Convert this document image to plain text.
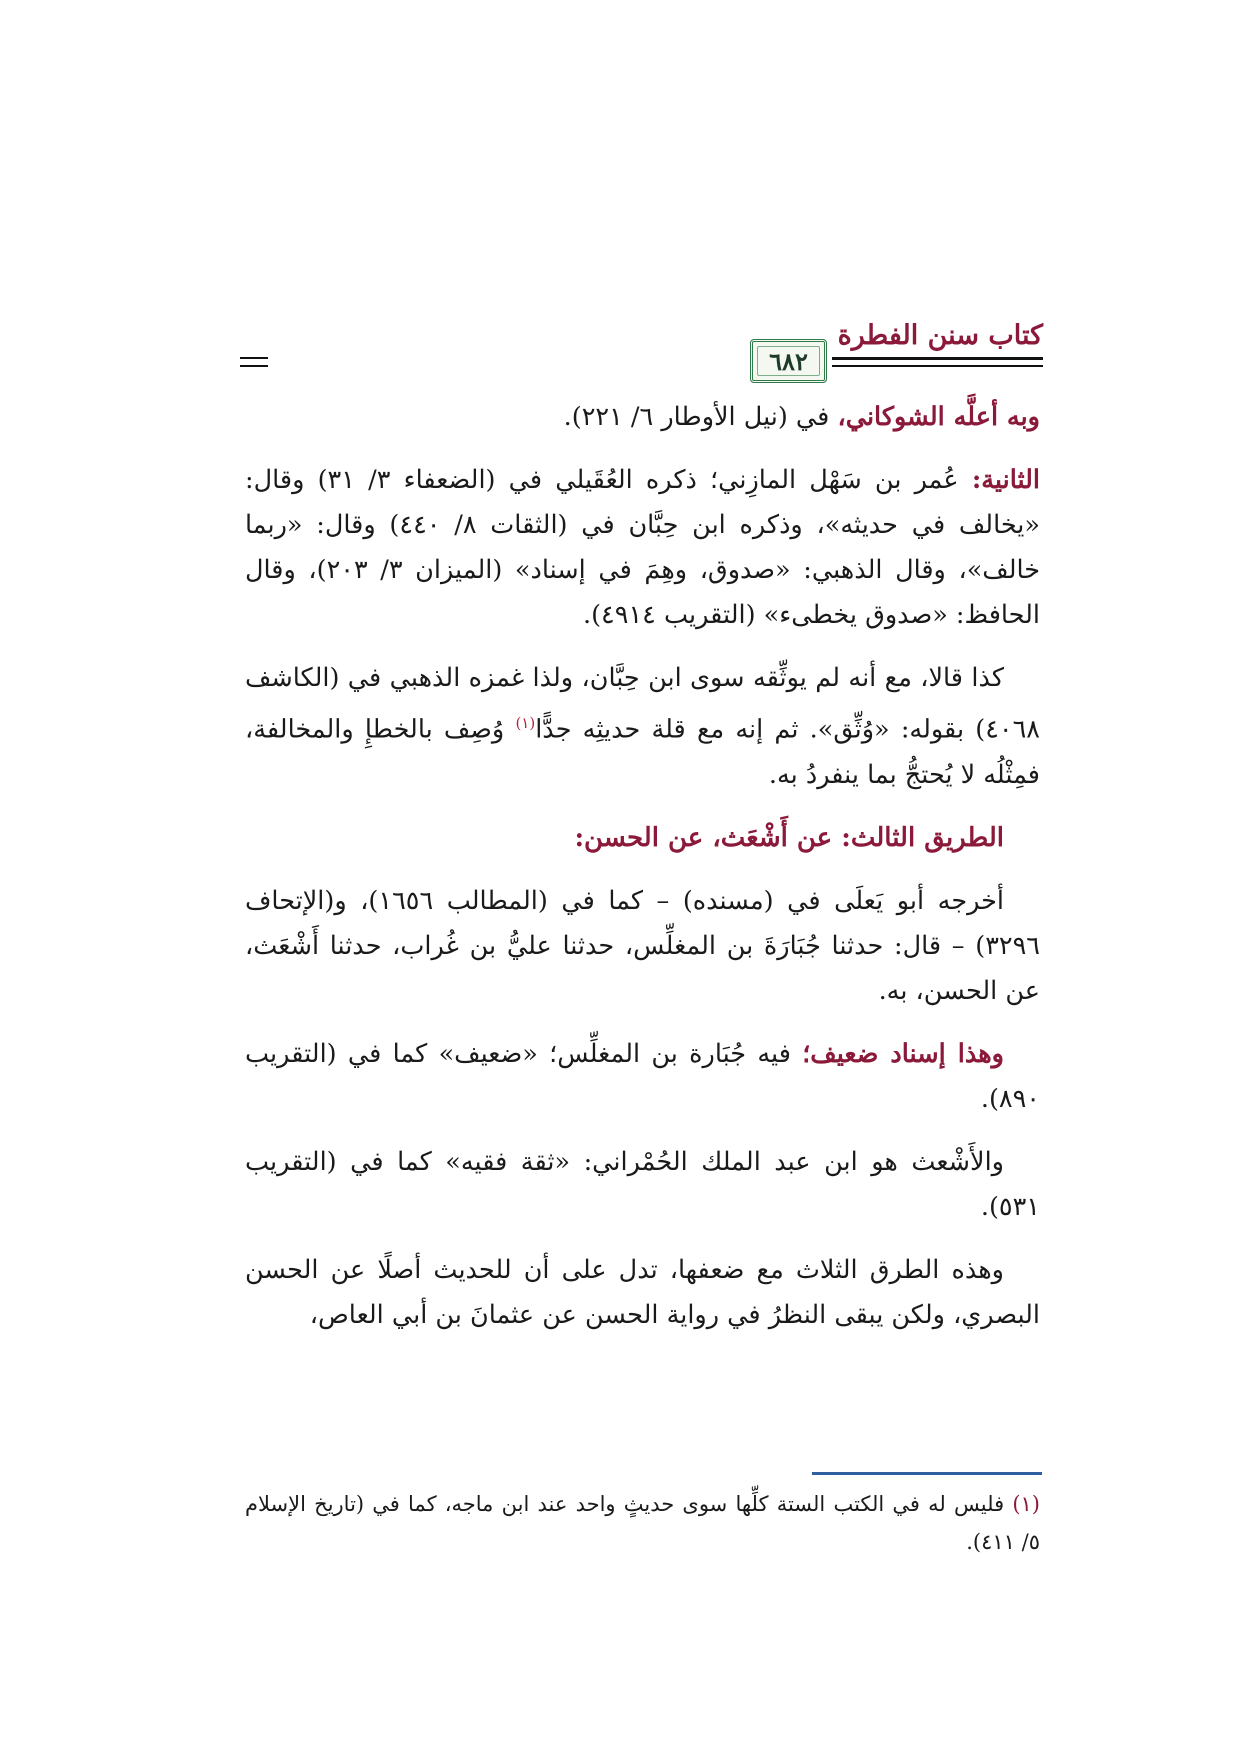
كتاب سنن الفطرة
٦٨٢

وبه أعلَّه الشوكاني، في (نيل الأوطار ٦/ ٢٢١).

الثانية: عُمر بن سَهْل المازِني؛ ذكره العُقَيلي في (الضعفاء ٣/ ٣١) وقال: «يخالف في حديثه»، وذكره ابن حِبَّان في (الثقات ٨/ ٤٤٠) وقال: «ربما خالف»، وقال الذهبي: «صدوق، وهِمَ في إسناد» (الميزان ٣/ ٢٠٣)، وقال الحافظ: «صدوق يخطىء» (التقريب ٤٩١٤).

كذا قالا، مع أنه لم يوثِّقه سوى ابن حِبَّان، ولذا غمزه الذهبي في (الكاشف ٤٠٦٨) بقوله: «وُثِّق». ثم إنه مع قلة حديثِه جدًّا$^{(١)}$ وُصِف بالخطإِ والمخالفة، فمِثْلُه لا يُحتجُّ بما ينفردُ به.

الطريق الثالث: عن أَشْعَث، عن الحسن:

أخرجه أبو يَعلَى في (مسنده) – كما في (المطالب ١٦٥٦)، و(الإتحاف ٣٢٩٦) – قال: حدثنا جُبَارَةَ بن المغلِّس، حدثنا عليُّ بن غُراب، حدثنا أَشْعَث، عن الحسن، به.

وهذا إسناد ضعيف؛ فيه جُبَارة بن المغلِّس؛ «ضعيف» كما في (التقريب ٨٩٠).

والأَشْعث هو ابن عبد الملك الحُمْراني: «ثقة فقيه» كما في (التقريب ٥٣١).

وهذه الطرق الثلاث مع ضعفها، تدل على أن للحديث أصلًا عن الحسن البصري، ولكن يبقى النظرُ في رواية الحسن عن عثمانَ بن أبي العاص،

(١) فليس له في الكتب الستة كلِّها سوى حديثٍ واحد عند ابن ماجه، كما في (تاريخ الإسلام ٥/ ٤١١).
